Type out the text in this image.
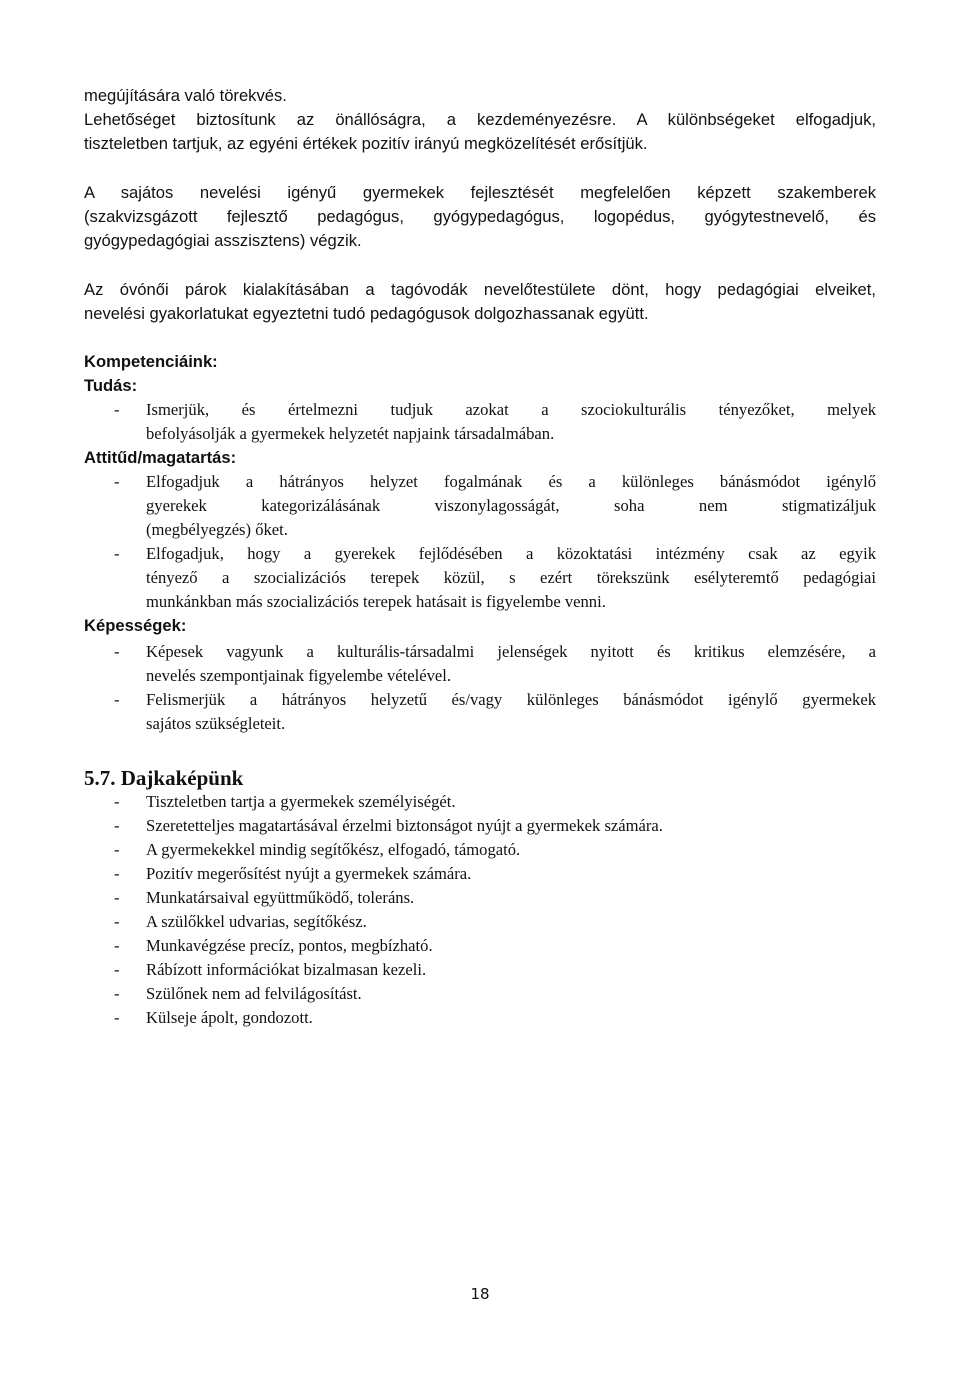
megújítására való törekvés.
Lehetőséget biztosítunk az önállóságra, a kezdeményezésre. A különbségeket elfogadjuk,
tiszteletben tartjuk, az egyéni értékek pozitív irányú megközelítését erősítjük.
A sajátos nevelési igényű gyermekek fejlesztését megfelelően képzett szakemberek
(szakvizsgázott fejlesztő pedagógus, gyógypedagógus, logopédus, gyógytestnevelő, és
gyógypedagógiai asszisztens) végzik.
Az óvónői párok kialakításában a tagóvodák nevelőtestülete dönt, hogy pedagógiai elveiket,
nevelési gyakorlatukat egyeztetni tudó pedagógusok dolgozhassanak együtt.
Kompetenciáink:
Tudás:
- Ismerjük, és értelmezni tudjuk azokat a szociokulturális tényezőket, melyek
befolyásolják a gyermekek helyzetét napjaink társadalmában.
Attitűd/magatartás:
- Elfogadjuk a hátrányos helyzet fogalmának és a különleges bánásmódot igénylő
gyerekek kategorizálásának viszonylagosságát, soha nem stigmatizáljuk
(megbélyegzés) őket.
- Elfogadjuk, hogy a gyerekek fejlődésében a közoktatási intézmény csak az egyik
tényező a szocializációs terepek közül, s ezért törekszünk esélyteremtő pedagógiai
munkánkban más szocializációs terepek hatásait is figyelembe venni.
Képességek:
- Képesek vagyunk a kulturális-társadalmi jelenségek nyitott és kritikus elemzésére, a
nevelés szempontjainak figyelembe vételével.
- Felismerjük a hátrányos helyzetű és/vagy különleges bánásmódot igénylő gyermekek
sajátos szükségleteit.
5.7. Dajkaképünk
- Tiszteletben tartja a gyermekek személyiségét.
- Szeretetteljes magatartásával érzelmi biztonságot nyújt a gyermekek számára.
- A gyermekekkel mindig segítőkész, elfogadó, támogató.
- Pozitív megerősítést nyújt a gyermekek számára.
- Munkatársaival együttműködő, toleráns.
- A szülőkkel udvarias, segítőkész.
- Munkavégzése precíz, pontos, megbízható.
- Rábízott információkat bizalmasan kezeli.
- Szülőnek nem ad felvilágosítást.
- Külseje ápolt, gondozott.
18
